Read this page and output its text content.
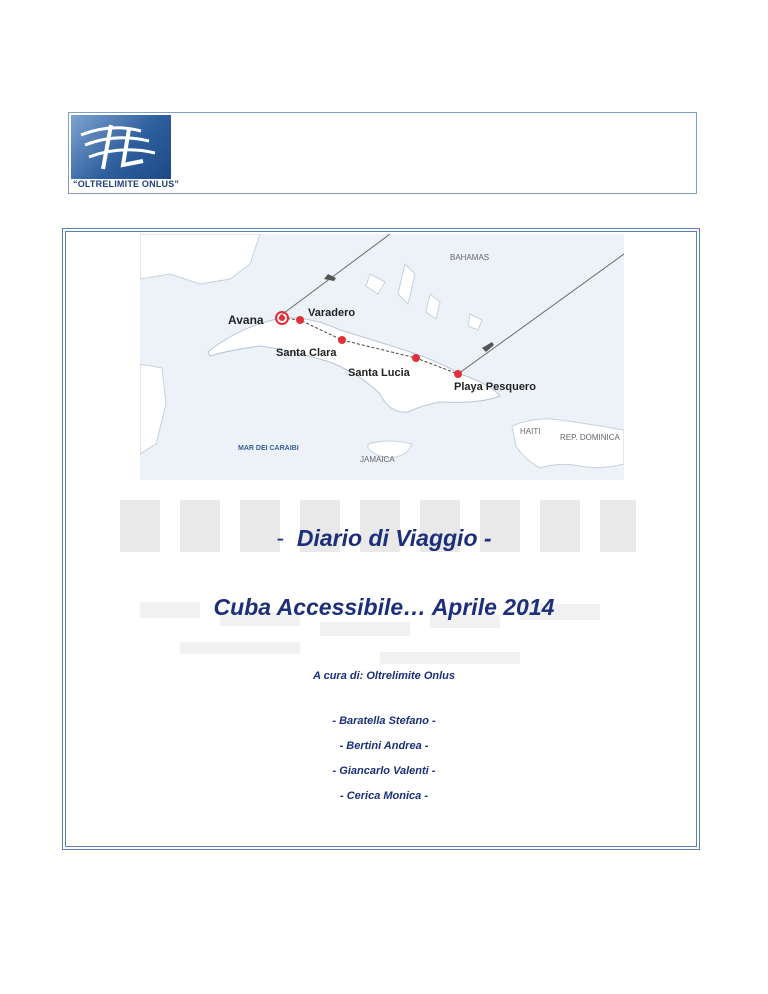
“OLTRELIMITE ONLUS”
Avana	Varadero
Santa Clara
Santa Lucia
Playa Pesquero
BAHAMAS
HAITI
REP. DOMINICA
JAMAICA
MAR DEI CARAIBI
- Diario di Viaggio -
Cuba Accessibile… Aprile 2014
A cura di: Oltrelimite Onlus
- Baratella Stefano -
- Bertini Andrea -
- Giancarlo Valenti -
- Cerica Monica -
